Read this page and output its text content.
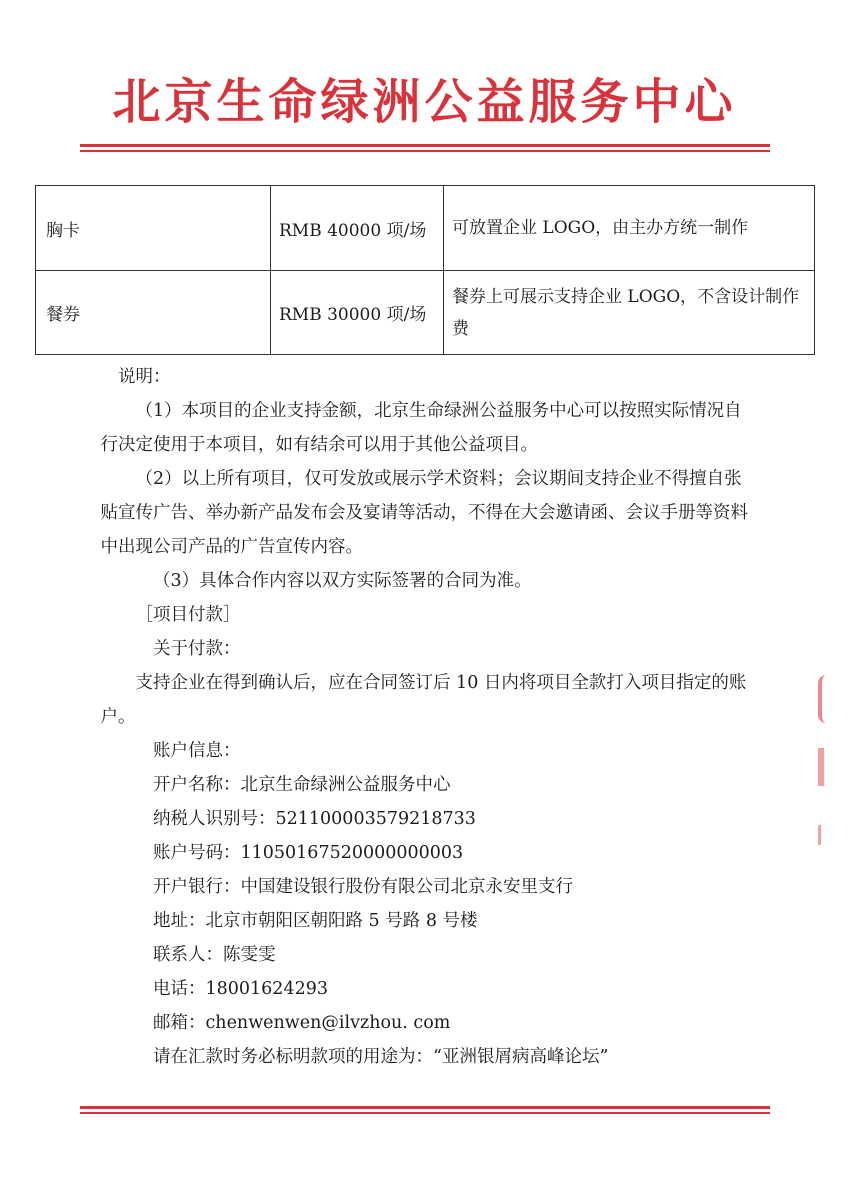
北京生命绿洲公益服务中心
胸卡	RMB 40000 项/场	可放置企业 LOGO，由主办方统一制作
餐券	RMB 30000 项/场	餐券上可展示支持企业 LOGO，不含设计制作费
说明：
（1）本项目的企业支持金额，北京生命绿洲公益服务中心可以按照实际情况自行决定使用于本项目，如有结余可以用于其他公益项目。
（2）以上所有项目，仅可发放或展示学术资料；会议期间支持企业不得擅自张贴宣传广告、举办新产品发布会及宴请等活动，不得在大会邀请函、会议手册等资料中出现公司产品的广告宣传内容。
（3）具体合作内容以双方实际签署的合同为准。
［项目付款］
关于付款：
支持企业在得到确认后，应在合同签订后 10 日内将项目全款打入项目指定的账户。
账户信息：
开户名称：北京生命绿洲公益服务中心
纳税人识别号：521100003579218733
账户号码：11050167520000000003
开户银行：中国建设银行股份有限公司北京永安里支行
地址：北京市朝阳区朝阳路 5 号路 8 号楼
联系人：陈雯雯
电话：18001624293
邮箱：chenwenwen@ilvzhou. com
请在汇款时务必标明款项的用途为：“亚洲银屑病高峰论坛”
